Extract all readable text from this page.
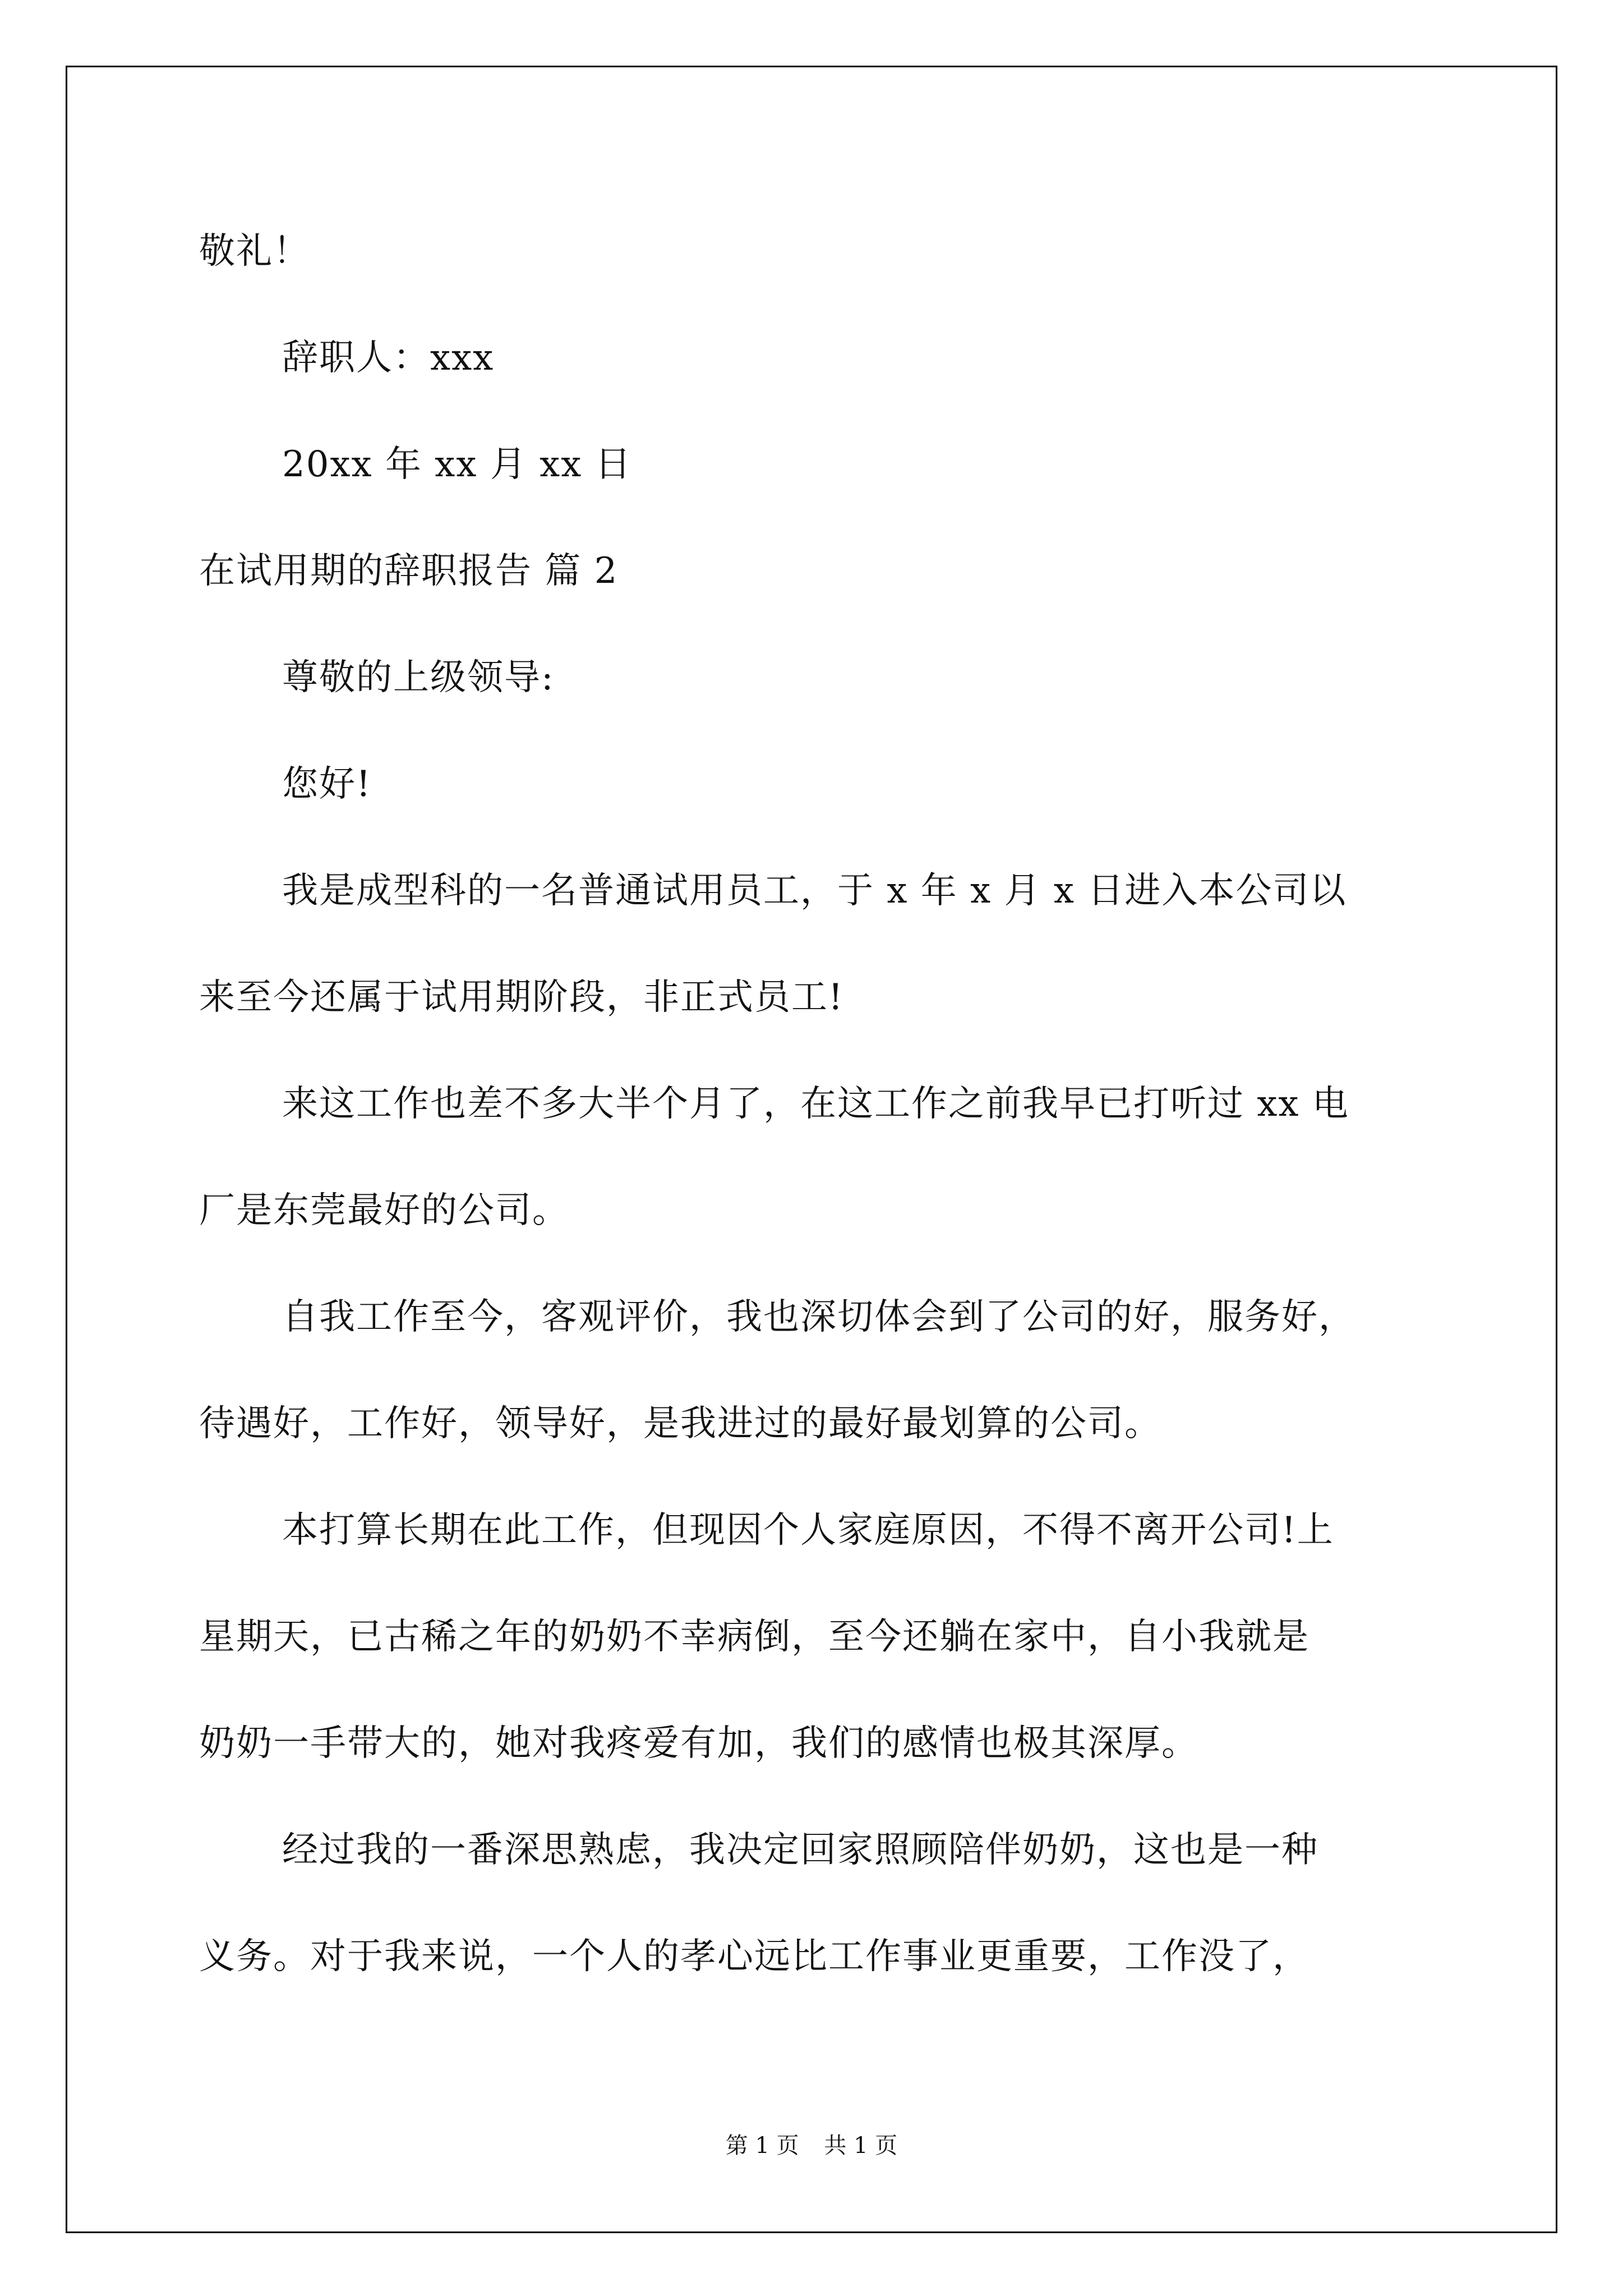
敬礼！
辞职人：xxx
20xx 年 xx 月 xx 日
在试用期的辞职报告 篇 2
尊敬的上级领导:
您好!
我是成型科的一名普通试用员工，于 x 年 x 月 x 日进入本公司以
来至今还属于试用期阶段，非正式员工!
来这工作也差不多大半个月了，在这工作之前我早已打听过 xx 电
厂是东莞最好的公司。
自我工作至今，客观评价，我也深切体会到了公司的好，服务好，
待遇好，工作好，领导好，是我进过的最好最划算的公司。
本打算长期在此工作，但现因个人家庭原因，不得不离开公司!上
星期天，已古稀之年的奶奶不幸病倒，至今还躺在家中，自小我就是
奶奶一手带大的，她对我疼爱有加，我们的感情也极其深厚。
经过我的一番深思熟虑，我决定回家照顾陪伴奶奶，这也是一种
义务。对于我来说，一个人的孝心远比工作事业更重要，工作没了，
第 1 页 共 1 页
